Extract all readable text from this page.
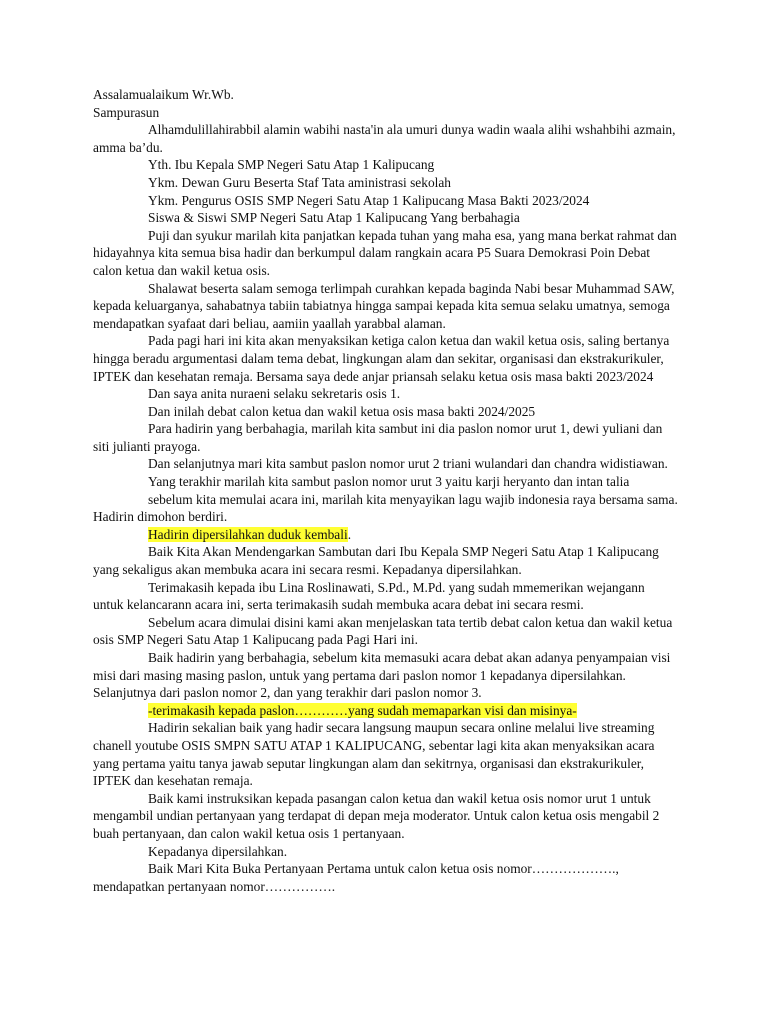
Assalamualaikum Wr.Wb.

Sampurasun

Alhamdulillahirabbil alamin wabihi nasta'in ala umuri dunya wadin waala alihi wshahbihi azmain, amma ba’du.

Yth. Ibu Kepala SMP Negeri Satu Atap 1 Kalipucang

Ykm. Dewan Guru Beserta Staf Tata aministrasi sekolah

Ykm. Pengurus OSIS SMP Negeri Satu Atap 1 Kalipucang Masa Bakti 2023/2024

Siswa & Siswi SMP Negeri Satu Atap 1 Kalipucang Yang berbahagia

Puji dan syukur marilah kita panjatkan kepada tuhan yang maha esa, yang mana berkat rahmat dan hidayahnya kita semua bisa hadir dan berkumpul dalam rangkain acara P5 Suara Demokrasi Poin Debat calon ketua dan wakil ketua osis.

Shalawat beserta salam semoga terlimpah curahkan kepada baginda Nabi besar Muhammad SAW, kepada keluarganya, sahabatnya tabiin tabiatnya hingga sampai kepada kita semua selaku umatnya, semoga mendapatkan syafaat dari beliau, aamiin yaallah yarabbal alaman.

Pada pagi hari ini kita akan menyaksikan ketiga calon ketua dan wakil ketua osis, saling bertanya hingga beradu argumentasi dalam tema debat, lingkungan alam dan sekitar, organisasi dan ekstrakurikuler, IPTEK dan kesehatan remaja. Bersama saya dede anjar priansah selaku ketua osis masa bakti 2023/2024

Dan saya anita nuraeni selaku sekretaris osis 1.

Dan inilah debat calon ketua dan wakil ketua osis masa bakti 2024/2025

Para hadirin yang berbahagia, marilah kita sambut ini dia paslon nomor urut 1, dewi yuliani dan siti julianti prayoga.

Dan selanjutnya mari kita sambut paslon nomor urut 2 triani wulandari dan chandra widistiawan.

Yang terakhir marilah kita sambut paslon nomor urut 3 yaitu karji heryanto dan intan talia

sebelum kita memulai acara ini, marilah kita menyayikan lagu wajib indonesia raya bersama sama. Hadirin dimohon berdiri.

Hadirin dipersilahkan duduk kembali.

Baik Kita Akan Mendengarkan Sambutan dari Ibu Kepala SMP Negeri Satu Atap 1 Kalipucang yang sekaligus akan membuka acara ini secara resmi. Kepadanya dipersilahkan.

Terimakasih kepada ibu Lina Roslinawati, S.Pd., M.Pd. yang sudah mmemerikan wejangann untuk kelancarann acara ini, serta terimakasih sudah membuka acara debat ini secara resmi.

Sebelum acara dimulai disini kami akan menjelaskan tata tertib debat calon ketua dan wakil ketua osis SMP Negeri Satu Atap 1 Kalipucang pada Pagi Hari ini.

Baik hadirin yang berbahagia, sebelum kita memasuki acara debat akan adanya penyampaian visi misi dari masing masing paslon, untuk yang pertama dari paslon nomor 1 kepadanya dipersilahkan. Selanjutnya dari paslon nomor 2, dan yang terakhir dari paslon nomor 3.

-terimakasih kepada paslon…………yang sudah memaparkan visi dan misinya-

Hadirin sekalian baik yang hadir secara langsung maupun secara online melalui live streaming chanell youtube OSIS SMPN SATU ATAP 1 KALIPUCANG, sebentar lagi kita akan menyaksikan acara yang pertama yaitu tanya jawab seputar lingkungan alam dan sekitrnya, organisasi dan ekstrakurikuler, IPTEK dan kesehatan remaja.

Baik kami instruksikan kepada pasangan calon ketua dan wakil ketua osis nomor urut 1 untuk mengambil undian pertanyaan yang terdapat di depan meja moderator. Untuk calon ketua osis mengabil 2 buah pertanyaan, dan calon wakil ketua osis 1 pertanyaan.

Kepadanya dipersilahkan.

Baik Mari Kita Buka Pertanyaan Pertama untuk calon ketua osis nomor………………., mendapatkan pertanyaan nomor…………….
